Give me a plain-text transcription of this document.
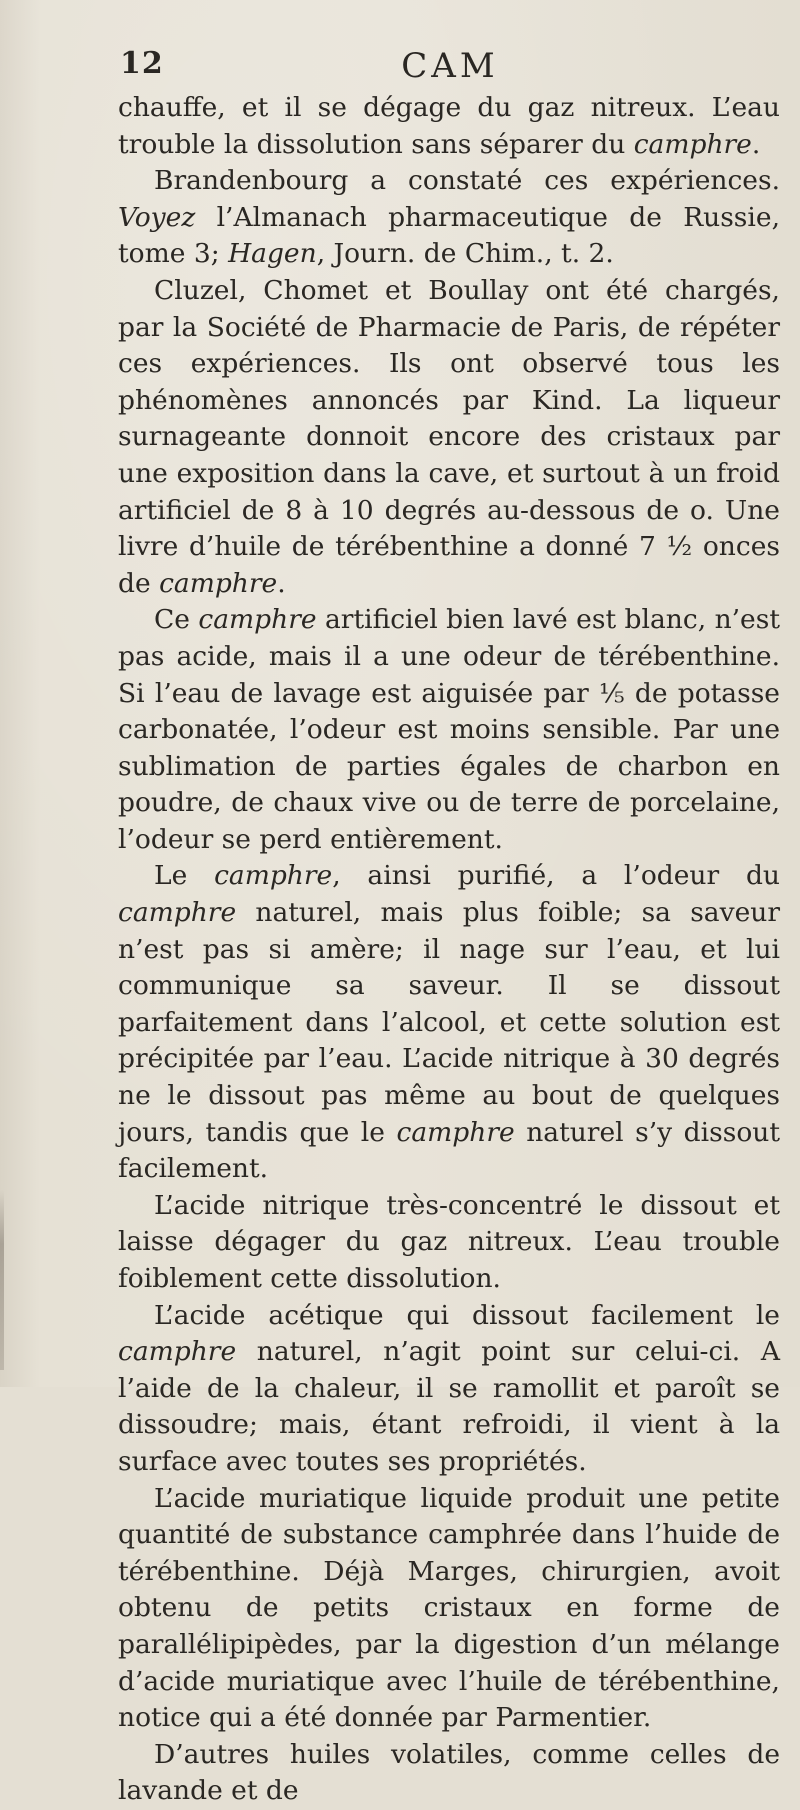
12	CAM

chauffe, et il se dégage du gaz nitreux. L’eau trouble la dissolution sans séparer du camphre.

Brandenbourg a constaté ces expériences. Voyez l’Almanach pharmaceutique de Russie, tome 3; Hagen, Journ. de Chim., t. 2.

Cluzel, Chomet et Boullay ont été chargés, par la Société de Pharmacie de Paris, de répéter ces expériences. Ils ont observé tous les phénomènes annoncés par Kind. La liqueur surnageante donnoit encore des cristaux par une exposition dans la cave, et surtout à un froid artificiel de 8 à 10 degrés au-dessous de o. Une livre d’huile de térébenthine a donné 7 ½ onces de camphre.

Ce camphre artificiel bien lavé est blanc, n’est pas acide, mais il a une odeur de térébenthine. Si l’eau de lavage est aiguisée par ⅕ de potasse carbonatée, l’odeur est moins sensible. Par une sublimation de parties égales de charbon en poudre, de chaux vive ou de terre de porcelaine, l’odeur se perd entièrement.

Le camphre, ainsi purifié, a l’odeur du camphre naturel, mais plus foible; sa saveur n’est pas si amère; il nage sur l’eau, et lui communique sa saveur. Il se dissout parfaitement dans l’alcool, et cette solution est précipitée par l’eau. L’acide nitrique à 30 degrés ne le dissout pas même au bout de quelques jours, tandis que le camphre naturel s’y dissout facilement.

L’acide nitrique très-concentré le dissout et laisse dégager du gaz nitreux. L’eau trouble foiblement cette dissolution.

L’acide acétique qui dissout facilement le camphre naturel, n’agit point sur celui-ci. A l’aide de la chaleur, il se ramollit et paroît se dissoudre; mais, étant refroidi, il vient à la surface avec toutes ses propriétés.

L’acide muriatique liquide produit une petite quantité de substance camphrée dans l’huide de térébenthine. Déjà Marges, chirurgien, avoit obtenu de petits cristaux en forme de parallélipipèdes, par la digestion d’un mélange d’acide muriatique avec l’huile de térébenthine, notice qui a été donnée par Parmentier.

D’autres huiles volatiles, comme celles de lavande et de
